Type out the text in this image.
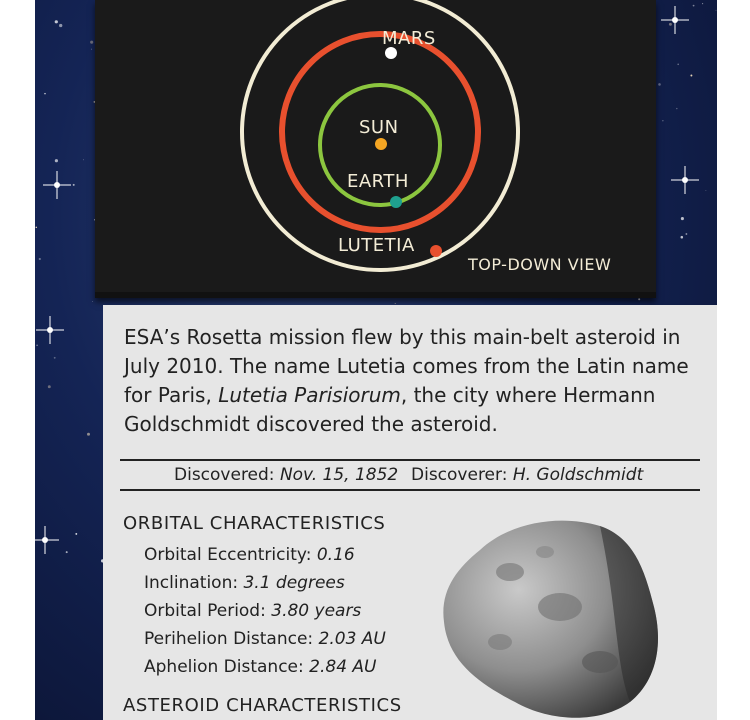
MARS
SUN
EARTH
LUTETIA
TOP-DOWN VIEW

ESA’s Rosetta mission flew by this main-belt asteroid in July 2010. The name Lutetia comes from the Latin name for Paris, Lutetia Parisiorum, the city where Hermann Goldschmidt discovered the asteroid.

Discovered: Nov. 15, 1852 Discoverer: H. Goldschmidt
ORBITAL CHARACTERISTICS
Orbital Eccentricity: 0.16
Inclination: 3.1 degrees
Orbital Period: 3.80 years
Perihelion Distance: 2.03 AU
Aphelion Distance: 2.84 AU
ASTEROID CHARACTERISTICS
